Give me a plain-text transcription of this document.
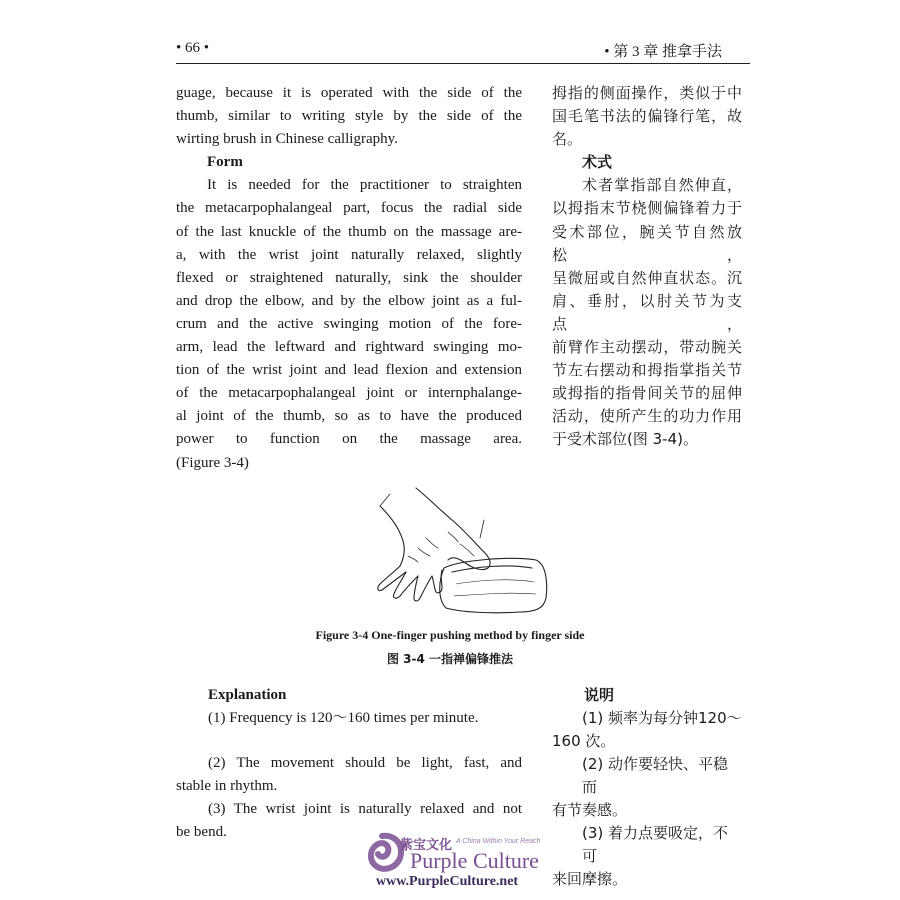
• 66 •	• 第 3 章 推拿手法

guage, because it is operated with the side of the

thumb, similar to writing style by the side of the

wirting brush in Chinese calligraphy.

Form

It is needed for the practitioner to straighten

the metacarpophalangeal part, focus the radial side

of the last knuckle of the thumb on the massage are-

a, with the wrist joint naturally relaxed, slightly

flexed or straightened naturally, sink the shoulder

and drop the elbow, and by the elbow joint as a ful-

crum and the active swinging motion of the fore-

arm, lead the leftward and rightward swinging mo-

tion of the wrist joint and lead flexion and extension

of the metacarpophalangeal joint or internphalange-

al joint of the thumb, so as to have the produced

power to function on the massage area.

(Figure 3-4)

拇指的侧面操作，类似于中

国毛笔书法的偏锋行笔，故

名。

术式

术者掌指部自然伸直，

以拇指末节桡侧偏锋着力于

受术部位，腕关节自然放松，

呈微屈或自然伸直状态。沉

肩、垂肘，以肘关节为支点，

前臂作主动摆动，带动腕关

节左右摆动和拇指掌指关节

或拇指的指骨间关节的屈伸

活动，使所产生的功力作用

于受术部位(图 3-4)。

Figure 3-4 One-finger pushing method by finger side
图 3-4 一指禅偏锋推法
Explanation
(1) Frequency is 120～160 times per minute.

(2) The movement should be light, fast, and

stable in rhythm.

(3) The wrist joint is naturally relaxed and not

be bend.

说明

(1) 频率为每分钟120～

160 次。

(2) 动作要轻快、平稳而

有节奏感。

(3) 着力点要吸定，不可

来回摩擦。

紫宝文化 A China Within Your Reach
Purple Culture
www.PurpleCulture.net
